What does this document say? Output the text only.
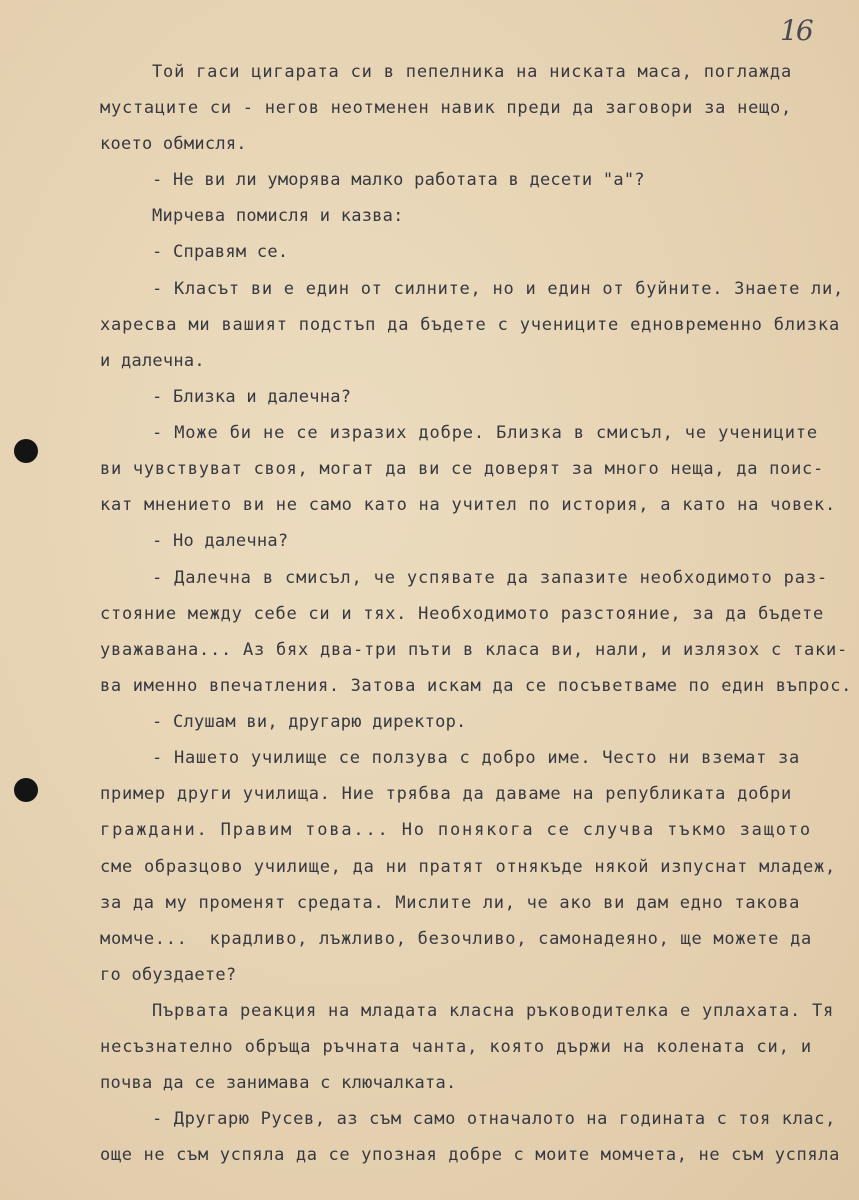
16
Той гаси цигарата си в пепелника на ниската маса, поглажда
мустаците си - негов неотменен навик преди да заговори за нещо,
което обмисля.
- Не ви ли уморява малко работата в десети "а"?
Мирчева помисля и казва:
- Справям се.
- Класът ви е един от силните, но и един от буйните. Знаете ли,
харесва ми вашият подстъп да бъдете с учениците едновременно близка
и далечна.
- Близка и далечна?
- Може би не се изразих добре. Близка в смисъл, че учениците
ви чувствуват своя, могат да ви се доверят за много неща, да поис-
кат мнението ви не само като на учител по история, а като на човек.
- Но далечна?
- Далечна в смисъл, че успявате да запазите необходимото раз-
стояние между себе си и тях. Необходимото разстояние, за да бъдете
уважавана... Аз бях два-три пъти в класа ви, нали, и излязох с таки-
ва именно впечатления. Затова искам да се посъветваме по един въпрос.
- Слушам ви, другарю директор.
- Нашето училище се ползува с добро име. Често ни вземат за
пример други училища. Ние трябва да даваме на републиката добри
граждани. Правим това... Но понякога се случва тъкмо защото
сме образцово училище, да ни пратят отнякъде някой изпуснат младеж,
за да му променят средата. Мислите ли, че ако ви дам едно такова
момче...  крадливо, лъжливо, безочливо, самонадеяно, ще можете да
го обуздаете?
Първата реакция на младата класна ръководителка е уплахата. Тя
несъзнателно обръща ръчната чанта, която държи на колената си, и
почва да се занимава с ключалката.
- Другарю Русев, аз съм само отначалото на годината с тоя клас,
още не съм успяла да се упозная добре с моите момчета, не съм успяла
